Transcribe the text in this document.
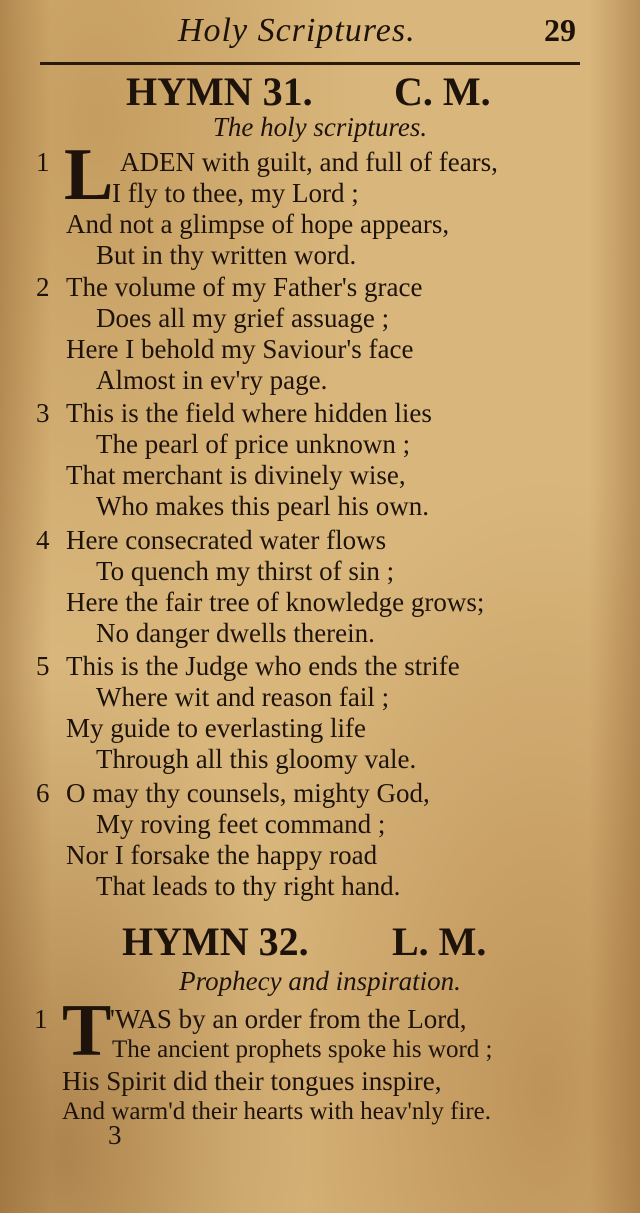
Holy Scriptures.	29
HYMN 31. C. M.
The holy scriptures.
1 L ADEN with guilt, and full of fears,
I fly to thee, my Lord ;
And not a glimpse of hope appears,
But in thy written word.
2 The volume of my Father's grace
Does all my grief assuage ;
Here I behold my Saviour's face
Almost in ev'ry page.
3 This is the field where hidden lies
The pearl of price unknown ;
That merchant is divinely wise,
Who makes this pearl his own.
4 Here consecrated water flows
To quench my thirst of sin ;
Here the fair tree of knowledge grows;
No danger dwells therein.
5 This is the Judge who ends the strife
Where wit and reason fail ;
My guide to everlasting life
Through all this gloomy vale.
6 O may thy counsels, mighty God,
My roving feet command ;
Nor I forsake the happy road
That leads to thy right hand.
HYMN 32. L. M.
Prophecy and inspiration.
1 T
'WAS by an order from the Lord,
The ancient prophets spoke his word ;
His Spirit did their tongues inspire,
And warm'd their hearts with heav'nly fire.
3
